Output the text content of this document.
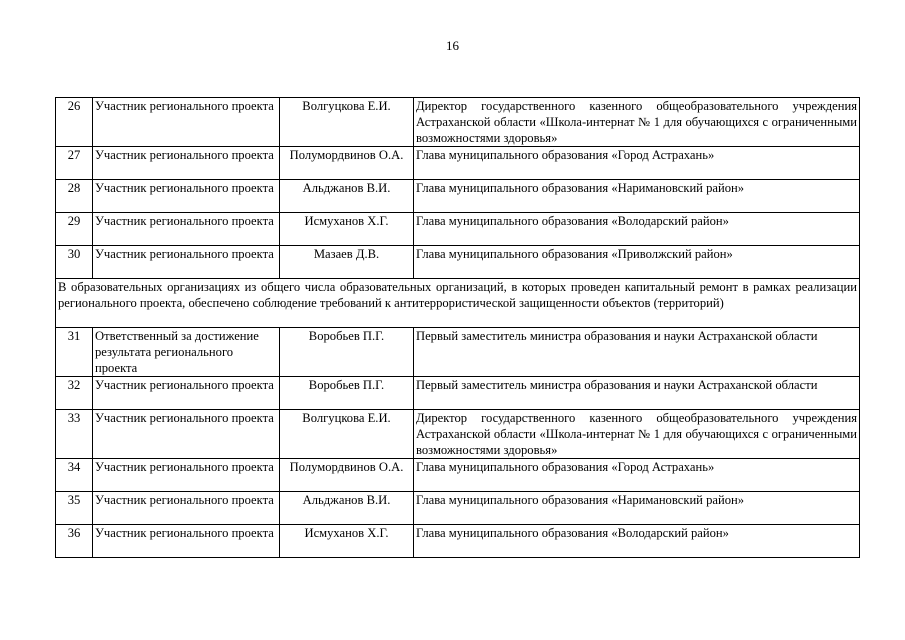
16
26	Участник регионального проекта	Волгуцкова Е.И.	Директор государственного казенного общеобразовательного учреждения Астраханской области «Школа-интернат № 1 для обучающихся с ограниченными возможностями здоровья»
27	Участник регионального проекта	Полумордвинов О.А.	Глава муниципального образования «Город Астрахань»
28	Участник регионального проекта	Альджанов В.И.	Глава муниципального образования «Наримановский район»
29	Участник регионального проекта	Исмуханов Х.Г.	Глава муниципального образования «Володарский район»
30	Участник регионального проекта	Мазаев Д.В.	Глава муниципального образования «Приволжский район»
В образовательных организациях из общего числа образовательных организаций, в которых проведен капитальный ремонт в рамках реализации регионального проекта, обеспечено соблюдение требований к антитеррористической защищенности объектов (территорий)			
31	Ответственный за достижение результата регионального проекта	Воробьев П.Г.	Первый заместитель министра образования и науки Астраханской области
32	Участник регионального проекта	Воробьев П.Г.	Первый заместитель министра образования и науки Астраханской области
33	Участник регионального проекта	Волгуцкова Е.И.	Директор государственного казенного общеобразовательного учреждения Астраханской области «Школа-интернат № 1 для обучающихся с ограниченными возможностями здоровья»
34	Участник регионального проекта	Полумордвинов О.А.	Глава муниципального образования «Город Астрахань»
35	Участник регионального проекта	Альджанов В.И.	Глава муниципального образования «Наримановский район»
36	Участник регионального проекта	Исмуханов Х.Г.	Глава муниципального образования «Володарский район»
